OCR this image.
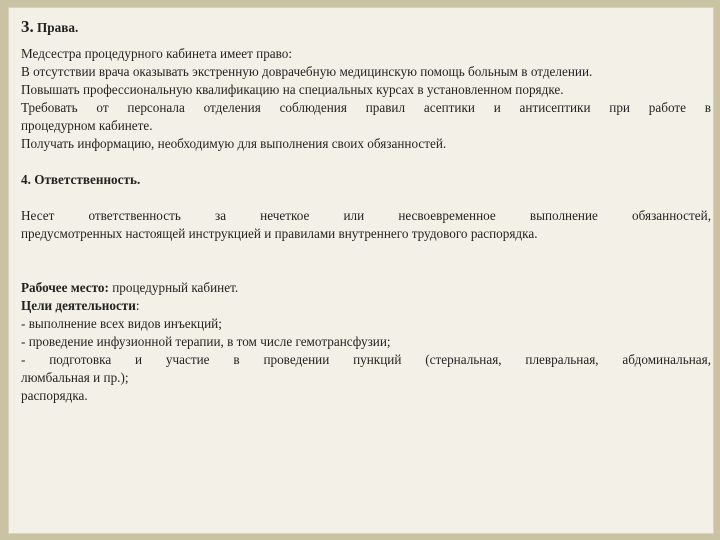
3. Права.
Медсестра процедурного кабинета имеет право:
В отсутствии врача оказывать экстренную доврачебную медицинскую помощь больным в отделении.
Повышать профессиональную квалификацию на специальных курсах в установленном порядке.
Требовать от персонала отделения соблюдения правил асептики и антисептики при работе в
процедурном кабинете.
Получать информацию, необходимую для выполнения своих обязанностей.
4. Ответственность.
Несет ответственность за нечеткое или несвоевременное выполнение обязанностей,
предусмотренных настоящей инструкцией и правилами внутреннего трудового распорядка.
Рабочее место: процедурный кабинет.
Цели деятельности:
- выполнение всех видов инъекций;
- проведение инфузионной терапии, в том числе гемотрансфузии;
- подготовка и участие в проведении пункций (стернальная, плевральная, абдоминальная,
люмбальная и пр.);
распорядка.
